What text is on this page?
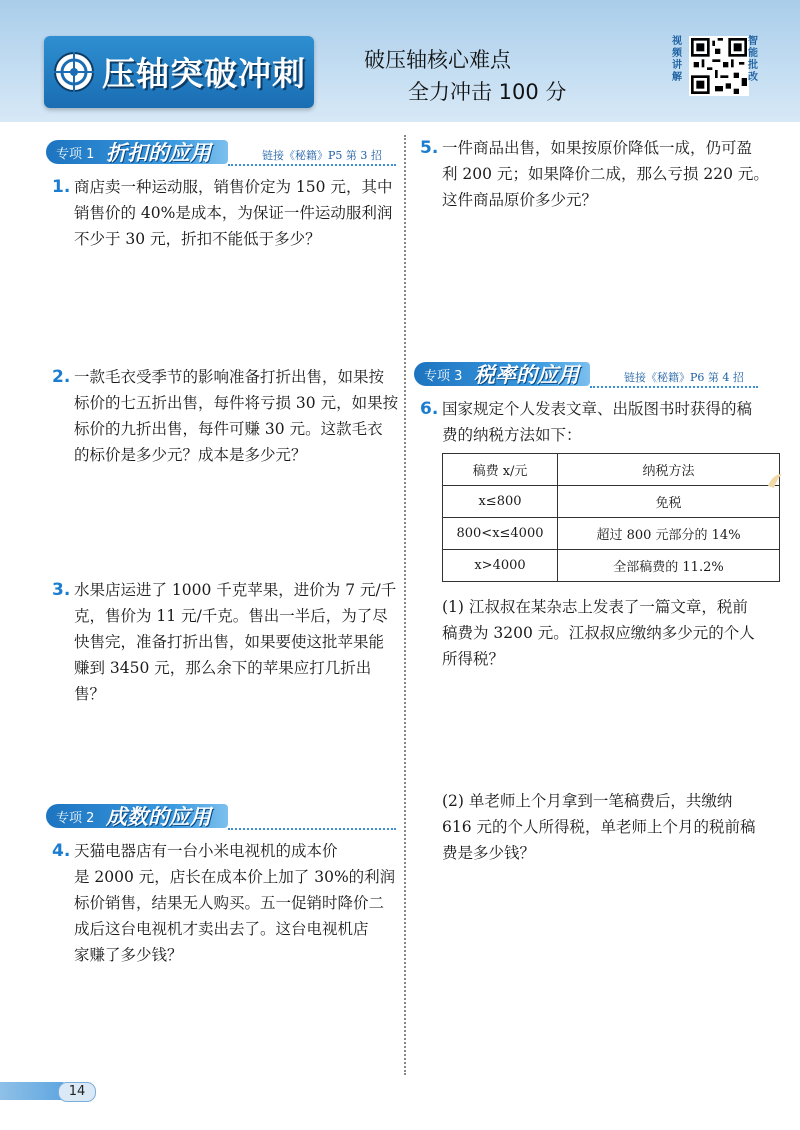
压轴突破冲刺	破压轴核心难点
全力冲击 100 分
视频讲解
智能批改
专项 1 折扣的应用	链接《秘籍》P5 第 3 招
1. 商店卖一种运动服，销售价定为 150 元，其中
销售价的 40%是成本，为保证一件运动服利润
不少于 30 元，折扣不能低于多少？
2. 一款毛衣受季节的影响准备打折出售，如果按
标价的七五折出售，每件将亏损 30 元，如果按
标价的九折出售，每件可赚 30 元。这款毛衣
的标价是多少元？成本是多少元？
3. 水果店运进了 1000 千克苹果，进价为 7 元/千
克，售价为 11 元/千克。售出一半后，为了尽
快售完，准备打折出售，如果要使这批苹果能
赚到 3450 元，那么余下的苹果应打几折出售？
专项 2 成数的应用
4. 天猫电器店有一台小米电视机的成本价
是 2000 元，店长在成本价上加了 30%的利润
标价销售，结果无人购买。五一促销时降价二
成后这台电视机才卖出去了。这台电视机店
家赚了多少钱？
5. 一件商品出售，如果按原价降低一成，仍可盈
利 200 元；如果降价二成，那么亏损 220 元。
这件商品原价多少元？
专项 3 税率的应用	链接《秘籍》P6 第 4 招
6. 国家规定个人发表文章、出版图书时获得的稿
费的纳税方法如下：
稿费 x/元	纳税方法
x≤800	免税
800<x≤4000	超过 800 元部分的 14%
x>4000	全部稿费的 11.2%
(1) 江叔叔在某杂志上发表了一篇文章，税前
稿费为 3200 元。江叔叔应缴纳多少元的个人
所得税？
(2) 单老师上个月拿到一笔稿费后，共缴纳
616 元的个人所得税，单老师上个月的税前稿
费是多少钱？
14
